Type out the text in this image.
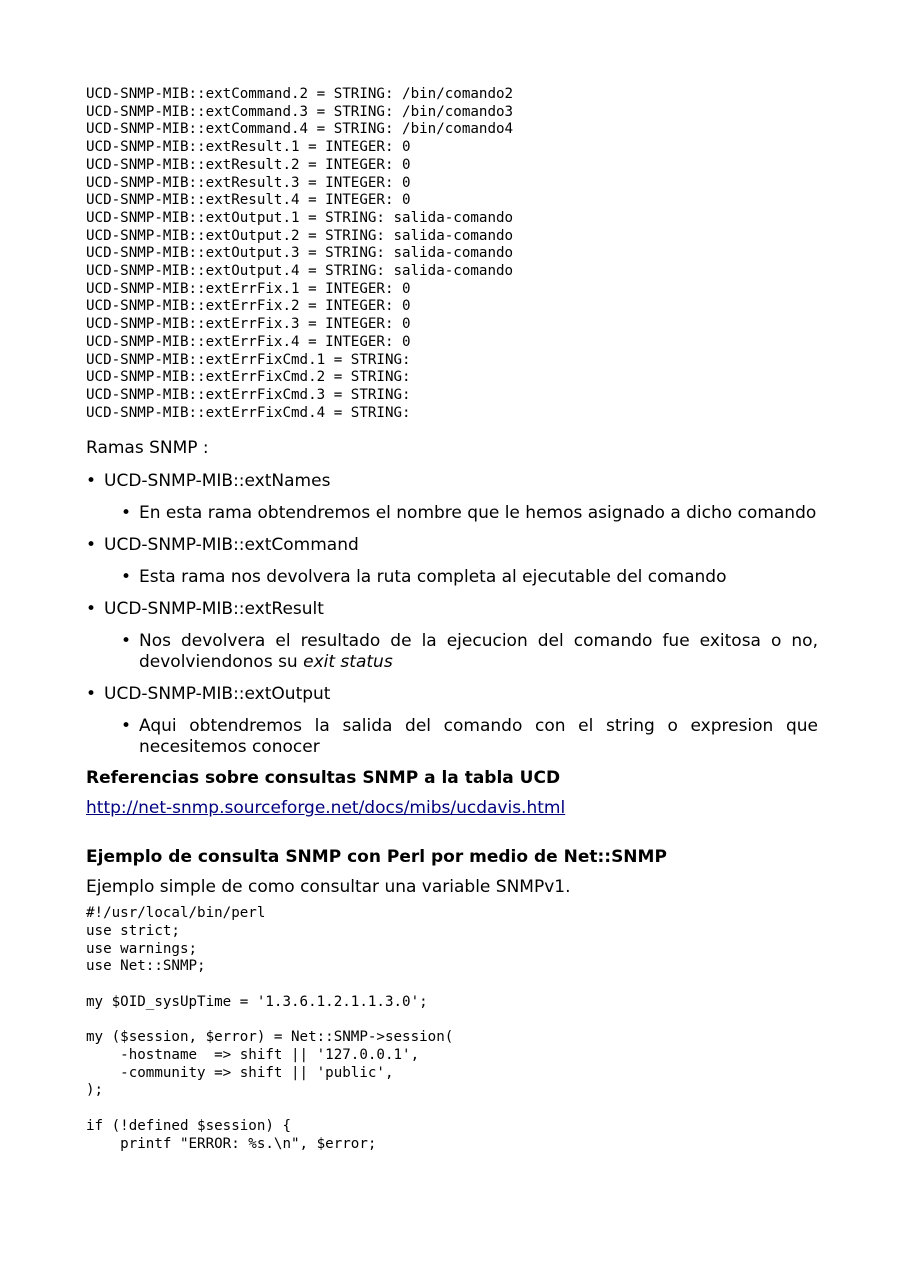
UCD-SNMP-MIB::extCommand.2 = STRING: /bin/comando2
UCD-SNMP-MIB::extCommand.3 = STRING: /bin/comando3
UCD-SNMP-MIB::extCommand.4 = STRING: /bin/comando4
UCD-SNMP-MIB::extResult.1 = INTEGER: 0
UCD-SNMP-MIB::extResult.2 = INTEGER: 0
UCD-SNMP-MIB::extResult.3 = INTEGER: 0
UCD-SNMP-MIB::extResult.4 = INTEGER: 0
UCD-SNMP-MIB::extOutput.1 = STRING: salida-comando
UCD-SNMP-MIB::extOutput.2 = STRING: salida-comando
UCD-SNMP-MIB::extOutput.3 = STRING: salida-comando
UCD-SNMP-MIB::extOutput.4 = STRING: salida-comando
UCD-SNMP-MIB::extErrFix.1 = INTEGER: 0
UCD-SNMP-MIB::extErrFix.2 = INTEGER: 0
UCD-SNMP-MIB::extErrFix.3 = INTEGER: 0
UCD-SNMP-MIB::extErrFix.4 = INTEGER: 0
UCD-SNMP-MIB::extErrFixCmd.1 = STRING:
UCD-SNMP-MIB::extErrFixCmd.2 = STRING:
UCD-SNMP-MIB::extErrFixCmd.3 = STRING:
UCD-SNMP-MIB::extErrFixCmd.4 = STRING:

Ramas SNMP :

• UCD-SNMP-MIB::extNames
• En esta rama obtendremos el nombre que le hemos asignado a dicho comando
• UCD-SNMP-MIB::extCommand
• Esta rama nos devolvera la ruta completa al ejecutable del comando
• UCD-SNMP-MIB::extResult
• Nos devolvera el resultado de la ejecucion del comando fue exitosa o no, devolviendonos su exit status
• UCD-SNMP-MIB::extOutput
• Aqui obtendremos la salida del comando con el string o expresion que necesitemos conocer

Referencias sobre consultas SNMP a la tabla UCD

http://net-snmp.sourceforge.net/docs/mibs/ucdavis.html

Ejemplo de consulta SNMP con Perl por medio de Net::SNMP

Ejemplo simple de como consultar una variable SNMPv1.

#!/usr/local/bin/perl
use strict;
use warnings;
use Net::SNMP;

my $OID_sysUpTime = '1.3.6.1.2.1.1.3.0';

my ($session, $error) = Net::SNMP->session(
-hostname  => shift || '127.0.0.1',
-community => shift || 'public',
);

if (!defined $session) {
printf "ERROR: %s.\n", $error;
